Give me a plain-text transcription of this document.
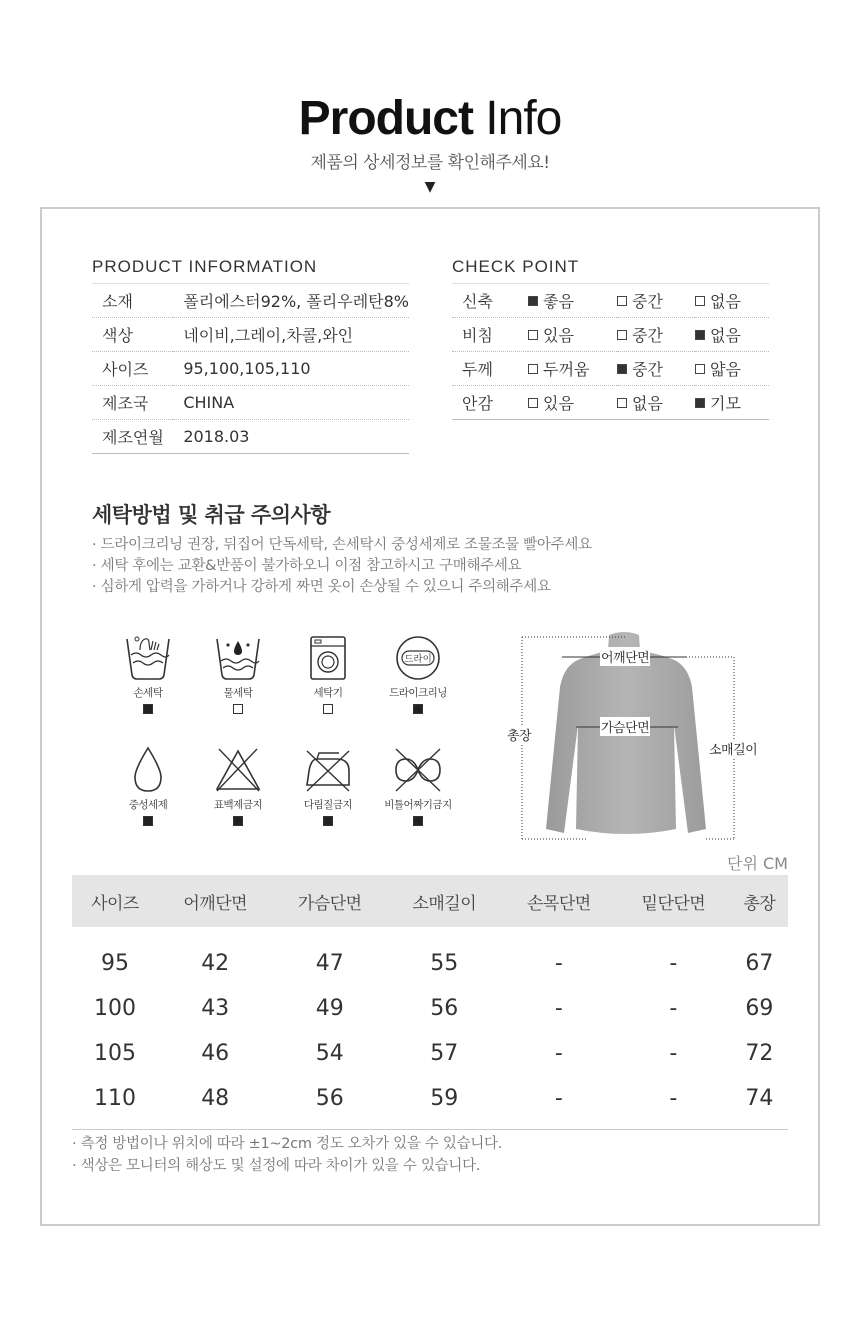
Product Info
제품의 상세정보를 확인해주세요!
▼
PRODUCT INFORMATION
소재	폴리에스터92%, 폴리우레탄8%
색상	네이비,그레이,차콜,와인
사이즈	95,100,105,110
제조국	CHINA
제조연월	2018.03
CHECK POINT
신축	좋음	중간	없음
비침	있음	중간	없음
두께	두꺼움	중간	얇음
안감	있음	없음	기모
세탁방법 및 취급 주의사항
· 드라이크리닝 권장, 뒤집어 단독세탁, 손세탁시 중성세제로 조물조물 빨아주세요
· 세탁 후에는 교환&반품이 불가하오니 이점 참고하시고 구매해주세요
· 심하게 압력을 가하거나 강하게 짜면 옷이 손상될 수 있으니 주의해주세요
손세탁	물세탁	세탁기
드라이
드라이크리닝
중성세제	표백제금지	다림질금지	비틀어짜기금지
어깨단면
가슴단면
총장
소매길이
단위 CM
사이즈	어깨단면	가슴단면	소매길이	손목단면	밑단단면	총장
95	42	47	55	-	-	67
100	43	49	56	-	-	69
105	46	54	57	-	-	72
110	48	56	59	-	-	74
· 측정 방법이나 위치에 따라 ±1~2cm 정도 오차가 있을 수 있습니다.
· 색상은 모니터의 해상도 및 설정에 따라 차이가 있을 수 있습니다.
